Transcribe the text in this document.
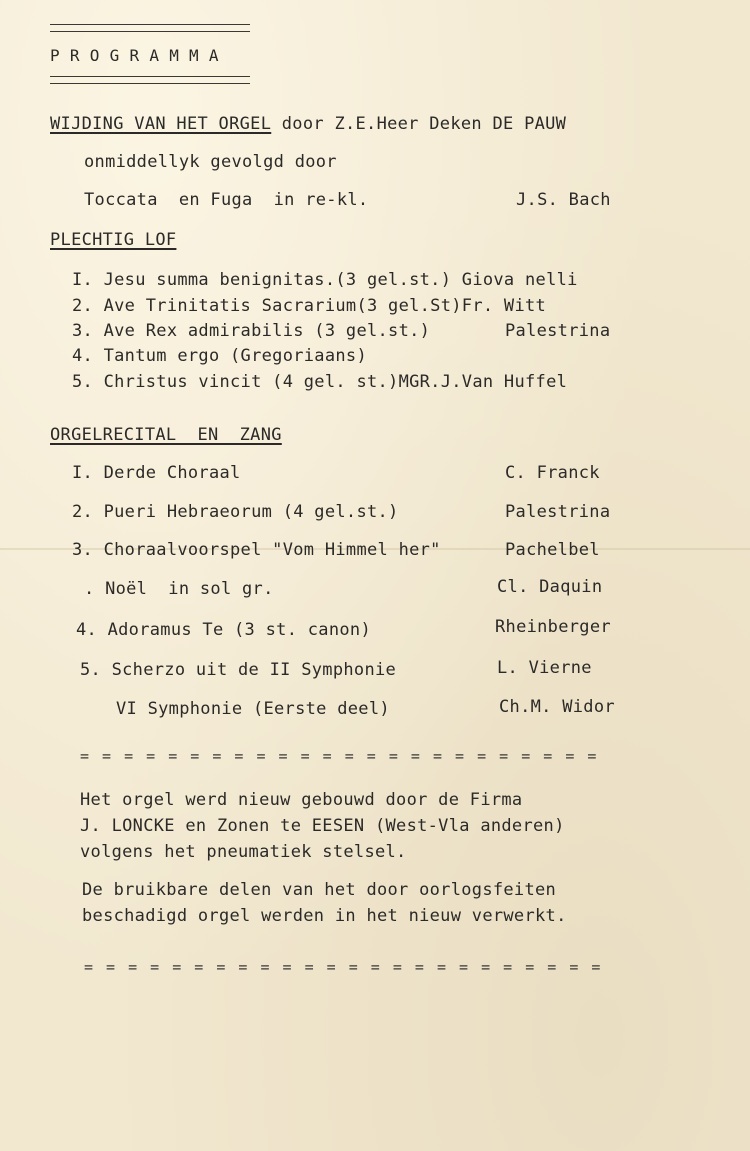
P R O G R A M M A
WIJDING VAN HET ORGEL door Z.E.Heer Deken DE PAUW
onmiddellyk gevolgd door
Toccata  en Fuga  in re-kl.	J.S. Bach
PLECHTIG LOF
I. Jesu summa benignitas.(3 gel.st.) Giova nelli
2. Ave Trinitatis Sacrarium(3 gel.St)Fr. Witt
3. Ave Rex admirabilis (3 gel.st.)	Palestrina
4. Tantum ergo (Gregoriaans)
5. Christus vincit (4 gel. st.)MGR.J.Van Huffel
ORGELRECITAL  EN  ZANG
I. Derde Choraal	C. Franck
2. Pueri Hebraeorum (4 gel.st.)	Palestrina
3. Choraalvoorspel "Vom Himmel her"	Pachelbel
. Noël  in sol gr.	Cl. Daquin
4. Adoramus Te (3 st. canon)	Rheinberger
5. Scherzo uit de II Symphonie	L. Vierne
VI Symphonie (Eerste deel)	Ch.M. Widor
= = = = = = = = = = = = = = = = = = = = = = = =
Het orgel werd nieuw gebouwd door de Firma
J. LONCKE en Zonen te EESEN (West-Vla anderen)
volgens het pneumatiek stelsel.
De bruikbare delen van het door oorlogsfeiten
beschadigd orgel werden in het nieuw verwerkt.
= = = = = = = = = = = = = = = = = = = = = = = =
